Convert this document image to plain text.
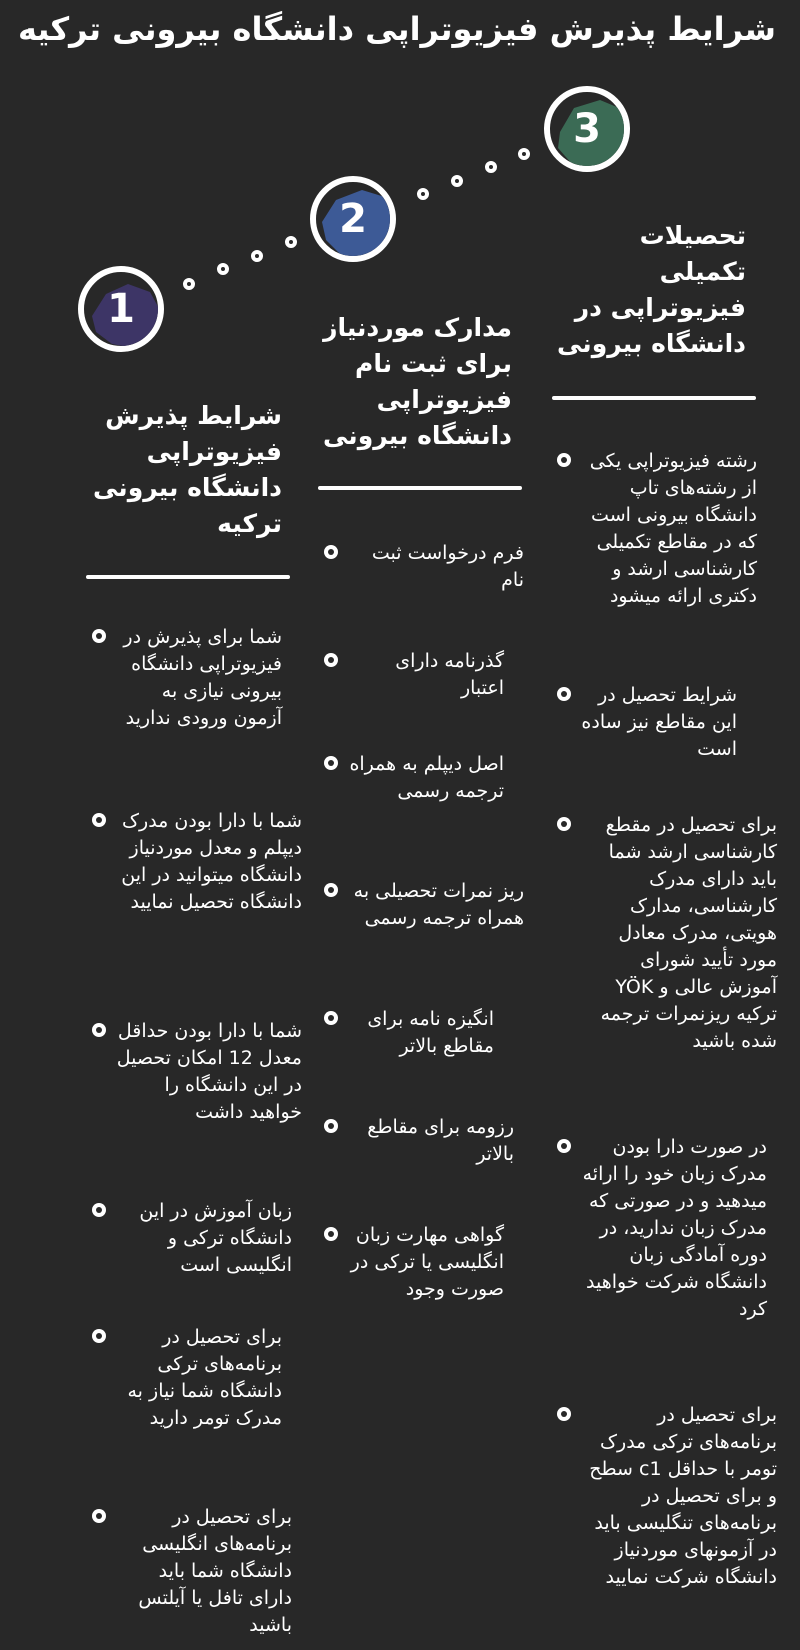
شرایط پذیرش فیزیوتراپی دانشگاه بیرونی ترکیه
1
2
3
شرایط پذیرش فیزیوتراپی دانشگاه بیرونی ترکیه
مدارک موردنیاز برای ثبت نام فیزیوتراپی دانشگاه بیرونی
تحصیلات تکمیلی فیزیوتراپی در دانشگاه بیرونی
شما برای پذیرش در فیزیوتراپی دانشگاه بیرونی نیازی به آزمون ورودی ندارید
شما با دارا بودن مدرک دیپلم و معدل موردنیاز دانشگاه میتوانید در این دانشگاه تحصیل نمایید
شما با دارا بودن حداقل معدل 12 امکان تحصیل در این دانشگاه را خواهید داشت
زبان آموزش در این دانشگاه ترکی و انگلیسی است
برای تحصیل در برنامه‌های ترکی دانشگاه شما نیاز به مدرک تومر دارید
برای تحصیل در برنامه‌های انگلیسی دانشگاه شما باید دارای تافل یا آیلتس باشید
فرم درخواست ثبت نام
گذرنامه دارای اعتبار
اصل دیپلم به همراه ترجمه رسمی
ریز نمرات تحصیلی به همراه ترجمه رسمی
انگیزه نامه برای مقاطع بالاتر
رزومه برای مقاطع بالاتر
گواهی مهارت زبان انگلیسی یا ترکی در صورت وجود
رشته فیزیوتراپی یکی از رشته‌های تاپ دانشگاه بیرونی است که در مقاطع تکمیلی کارشناسی ارشد و دکتری ارائه میشود
شرایط تحصیل در این مقاطع نیز ساده است
برای تحصیل در مقطع کارشناسی ارشد شما باید دارای مدرک کارشناسی، مدارک هویتی، مدرک معادل مورد تأیید شورای آموزش عالی و YÖK ترکیه ریزنمرات ترجمه شده باشید
در صورت دارا بودن مدرک زبان خود را ارائه میدهید و در صورتی که مدرک زبان ندارید، در دوره آمادگی زبان دانشگاه شرکت خواهید کرد
برای تحصیل در برنامه‌های ترکی مدرک تومر با حداقل c1 سطح و برای تحصیل در برنامه‌های تنگلیسی باید در آزمونهای موردنیاز دانشگاه شرکت نمایید
